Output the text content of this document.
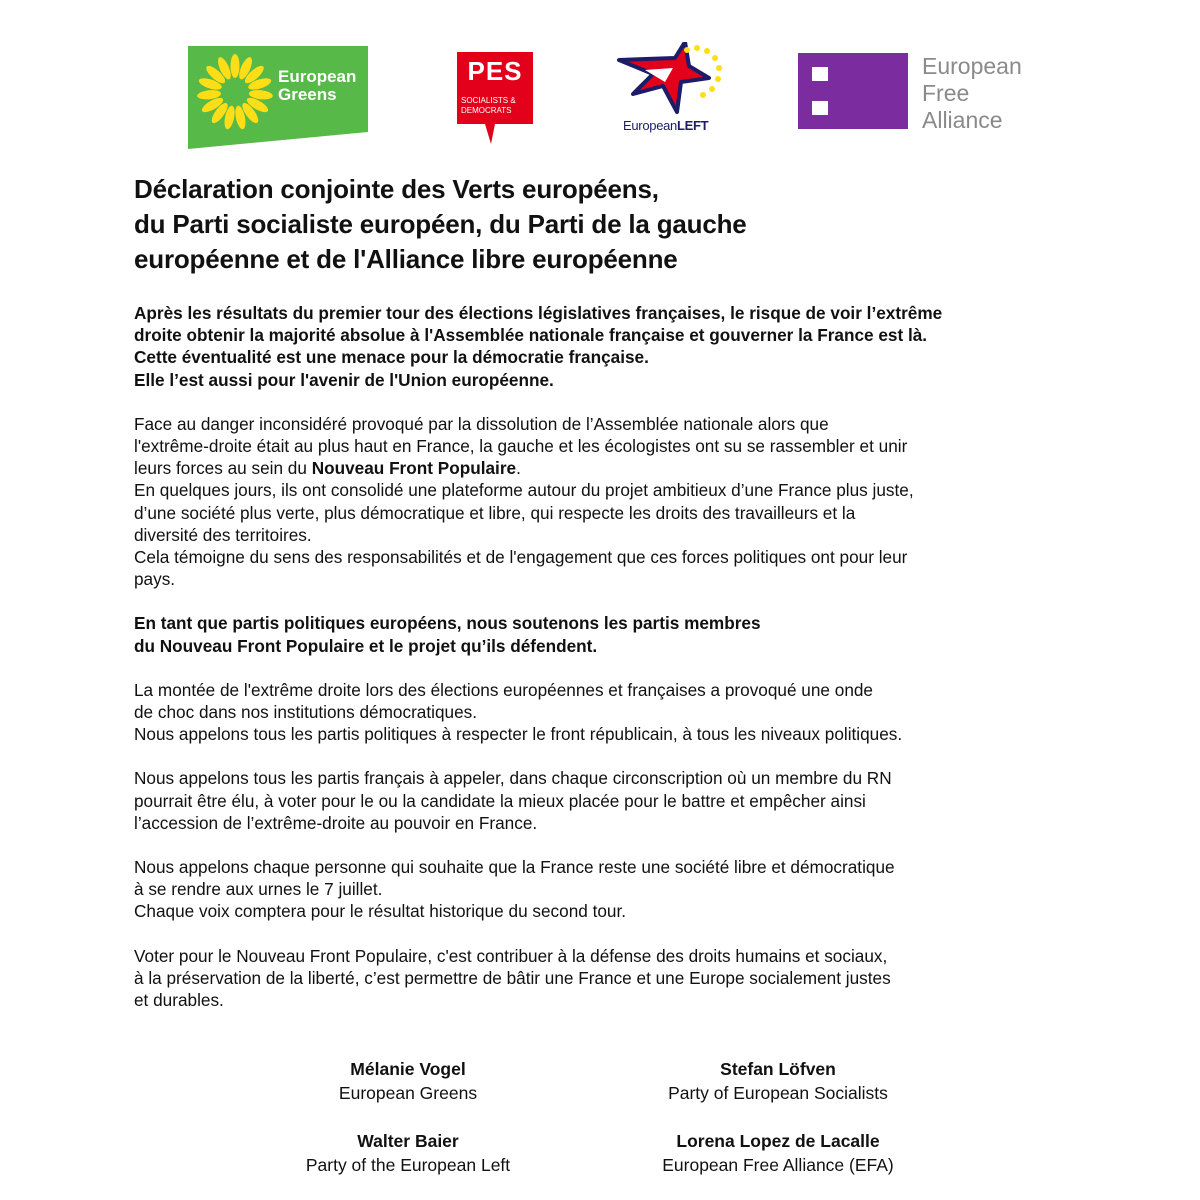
European
Greens
PES
SOCIALISTS &
DEMOCRATS
EuropeanLEFT
European
Free
Alliance
Déclaration conjointe des Verts européens,
du Parti socialiste européen, du Parti de la gauche
européenne et de l'Alliance libre européenne

Après les résultats du premier tour des élections législatives françaises, le risque de voir l’extrême
droite obtenir la majorité absolue à l'Assemblée nationale française et gouverner la France est là.
Cette éventualité est une menace pour la démocratie française.
Elle l’est aussi pour l'avenir de l'Union européenne.

Face au danger inconsidéré provoqué par la dissolution de l’Assemblée nationale alors que
l'extrême-droite était au plus haut en France, la gauche et les écologistes ont su se rassembler et unir
leurs forces au sein du Nouveau Front Populaire.
En quelques jours, ils ont consolidé une plateforme autour du projet ambitieux d’une France plus juste,
d’une société plus verte, plus démocratique et libre, qui respecte les droits des travailleurs et la
diversité des territoires.
Cela témoigne du sens des responsabilités et de l'engagement que ces forces politiques ont pour leur
pays.

En tant que partis politiques européens, nous soutenons les partis membres
du Nouveau Front Populaire et le projet qu’ils défendent.

La montée de l'extrême droite lors des élections européennes et françaises a provoqué une onde
de choc dans nos institutions démocratiques.
Nous appelons tous les partis politiques à respecter le front républicain, à tous les niveaux politiques.

Nous appelons tous les partis français à appeler, dans chaque circonscription où un membre du RN
pourrait être élu, à voter pour le ou la candidate la mieux placée pour le battre et empêcher ainsi
l’accession de l’extrême-droite au pouvoir en France.

Nous appelons chaque personne qui souhaite que la France reste une société libre et démocratique
à se rendre aux urnes le 7 juillet.
Chaque voix comptera pour le résultat historique du second tour.

Voter pour le Nouveau Front Populaire, c'est contribuer à la défense des droits humains et sociaux,
à la préservation de la liberté, c’est permettre de bâtir une France et une Europe socialement justes
et durables.

Mélanie Vogel
European Greens
Stefan Löfven
Party of European Socialists
Walter Baier
Party of the European Left
Lorena Lopez de Lacalle
European Free Alliance (EFA)
